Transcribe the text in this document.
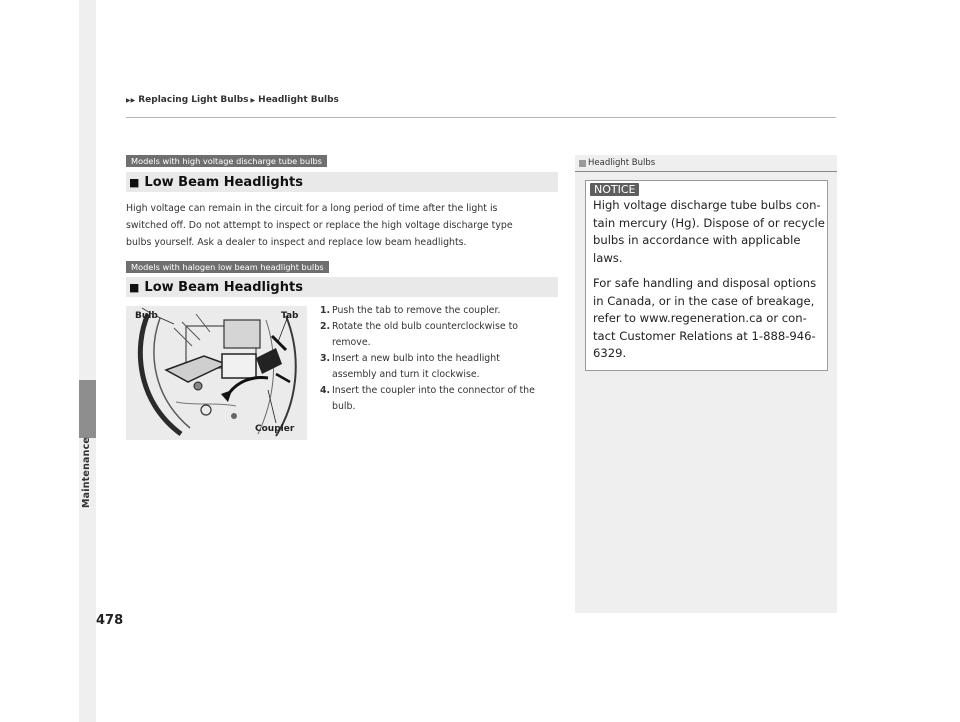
Maintenance
▶▶ Replacing Light Bulbs ▶ Headlight Bulbs
Models with high voltage discharge tube bulbs
■ Low Beam Headlights
High voltage can remain in the circuit for a long period of time after the light is
switched off. Do not attempt to inspect or replace the high voltage discharge type
bulbs yourself. Ask a dealer to inspect and replace low beam headlights.
Models with halogen low beam headlight bulbs
■ Low Beam Headlights
Bulb	Tab
Coupler
1. Push the tab to remove the coupler.
2. Rotate the old bulb counterclockwise to
remove.
3. Insert a new bulb into the headlight
assembly and turn it clockwise.
4. Insert the coupler into the connector of the
bulb.
Headlight Bulbs
NOTICE
High voltage discharge tube bulbs con-
tain mercury (Hg). Dispose of or recycle
bulbs in accordance with applicable
laws.
For safe handling and disposal options
in Canada, or in the case of breakage,
refer to www.regeneration.ca or con-
tact Customer Relations at 1-888-946-
6329.
478
